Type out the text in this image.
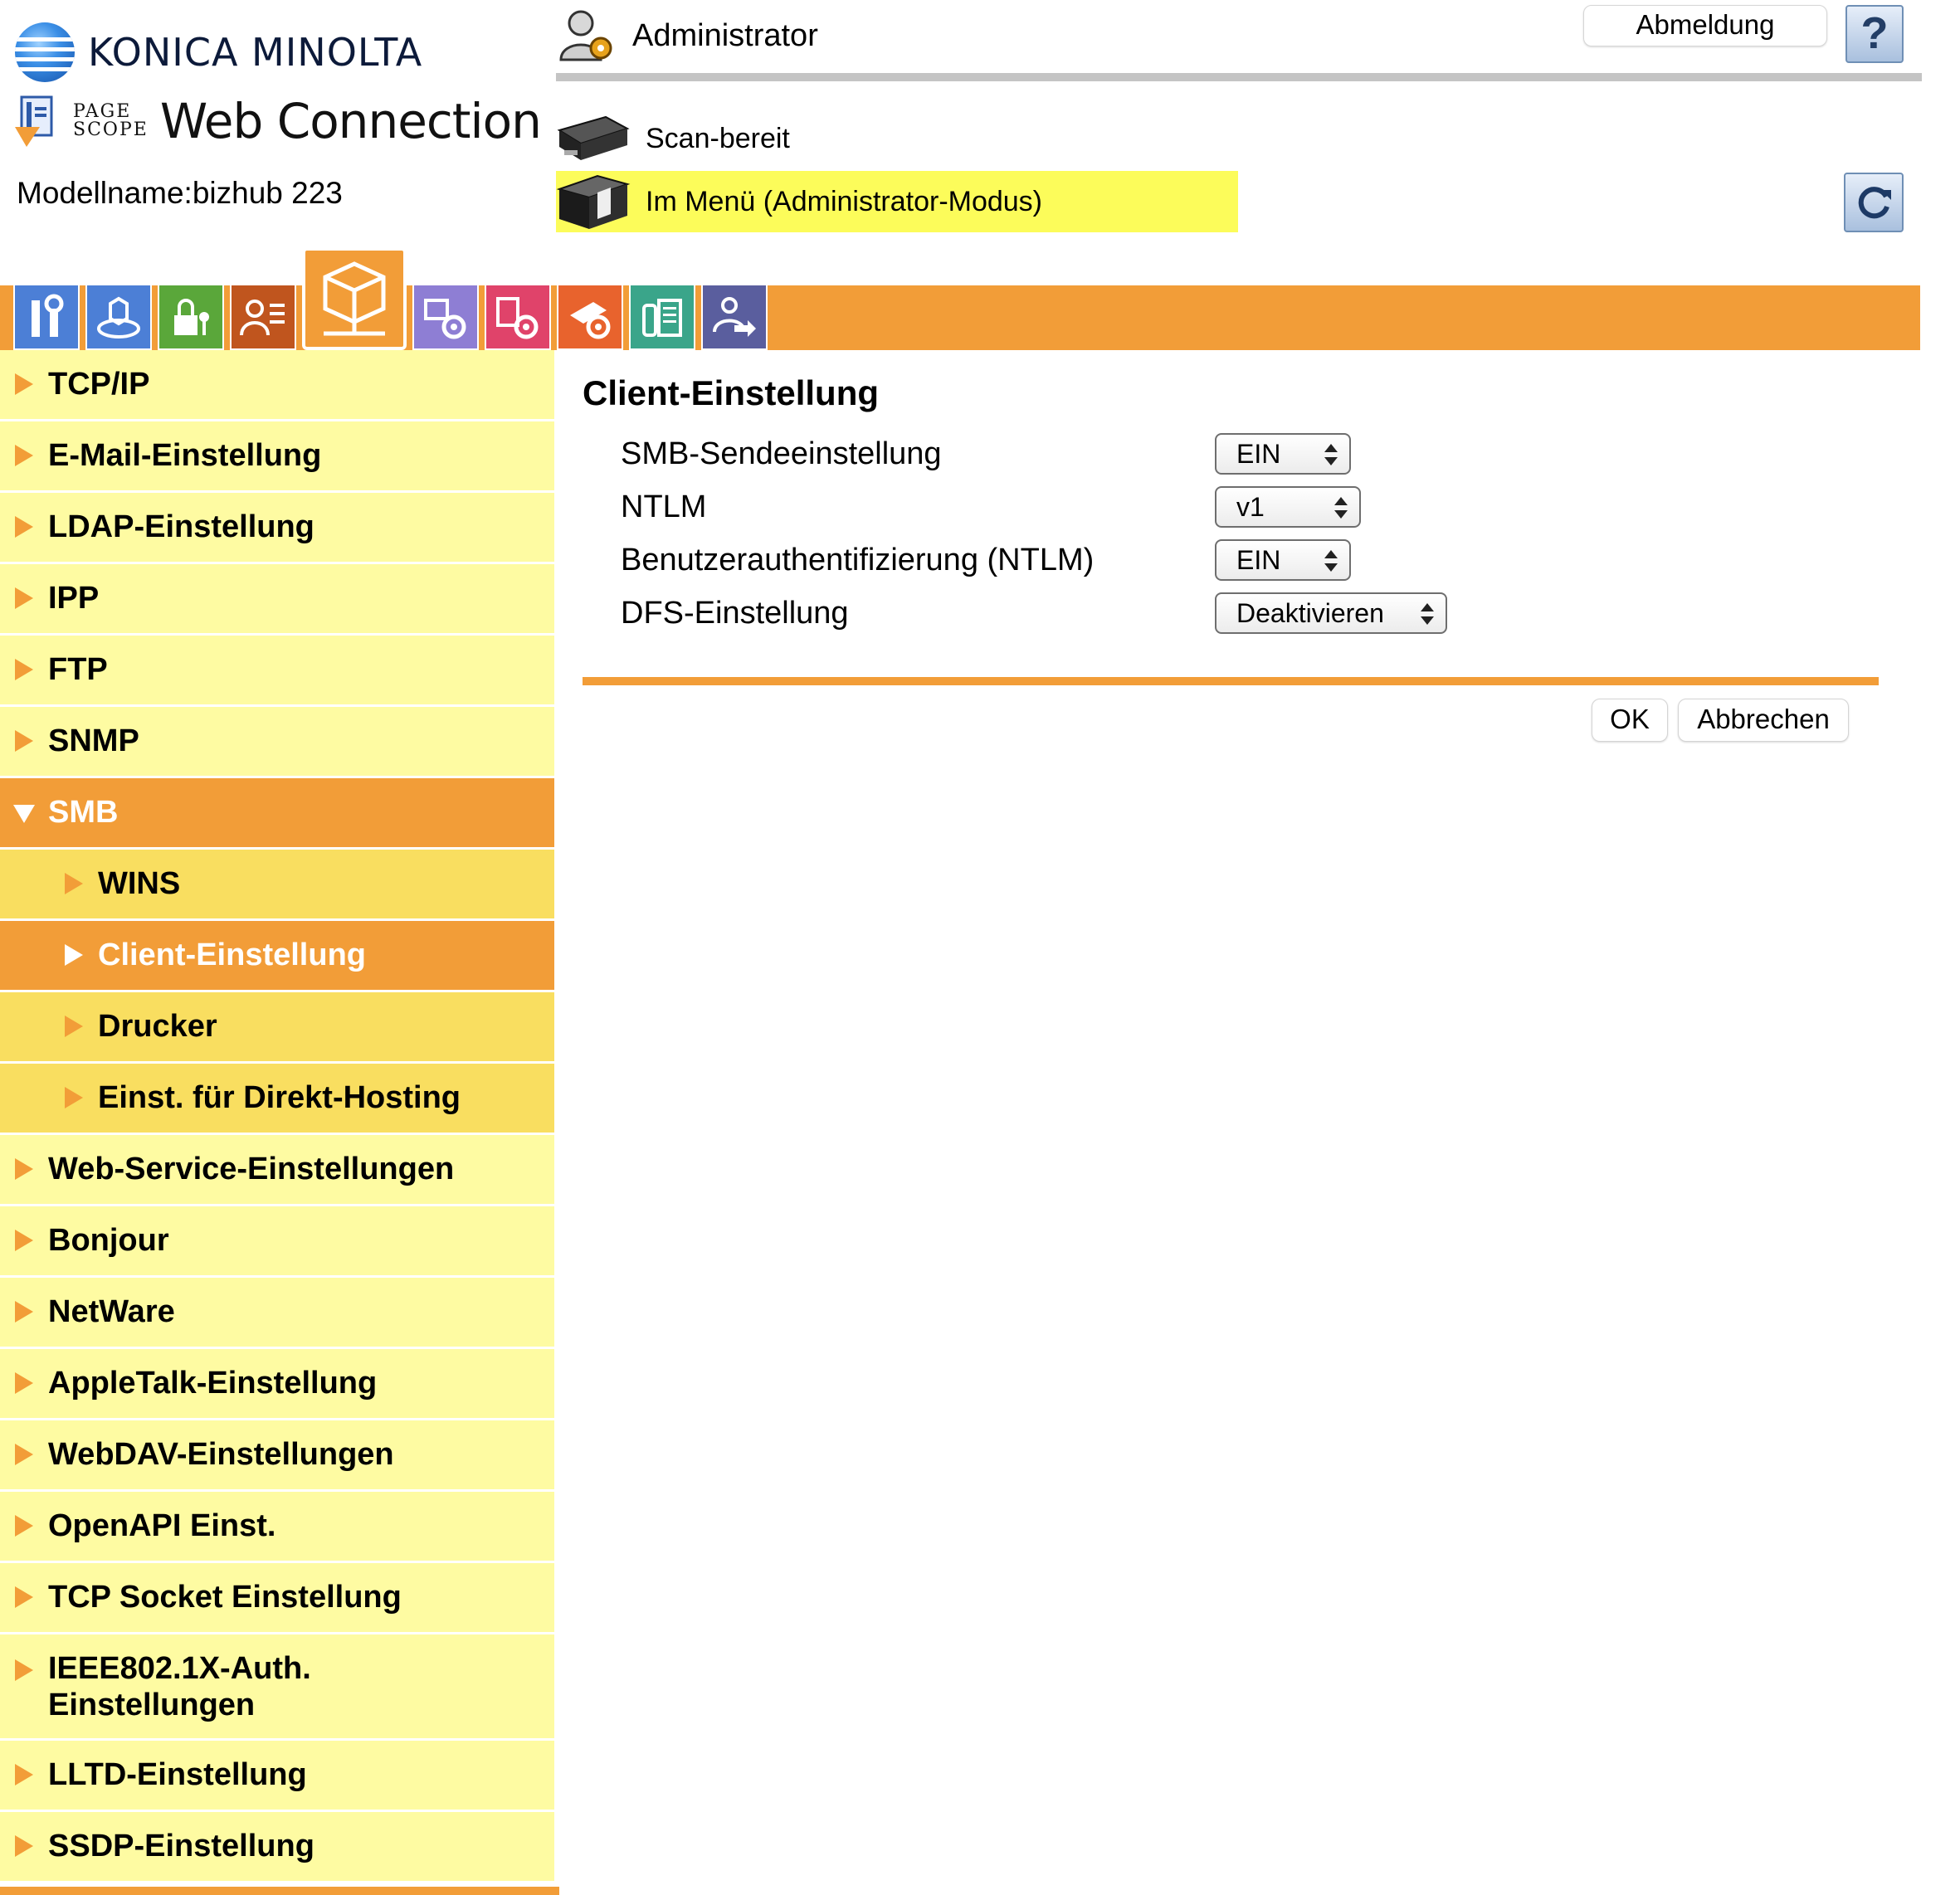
KONICA MINOLTA
PAGE
SCOPE Web Connection
Modellname:bizhub 223
Administrator	Abmeldung	?
Scan-bereit
Im Menü (Administrator-Modus)
TCP/IP
E-Mail-Einstellung
LDAP-Einstellung
IPP
FTP
SNMP
SMB
WINS
Client-Einstellung
Drucker
Einst. für Direkt-Hosting
Web-Service-Einstellungen
Bonjour
NetWare
AppleTalk-Einstellung
WebDAV-Einstellungen
OpenAPI Einst.
TCP Socket Einstellung
IEEE802.1X-Auth.
Einstellungen
LLTD-Einstellung
SSDP-Einstellung
Client-Einstellung
SMB-Sendeeinstellung	EIN
NTLM	v1
Benutzerauthentifizierung (NTLM)	EIN
DFS-Einstellung	Deaktivieren
OK	Abbrechen
